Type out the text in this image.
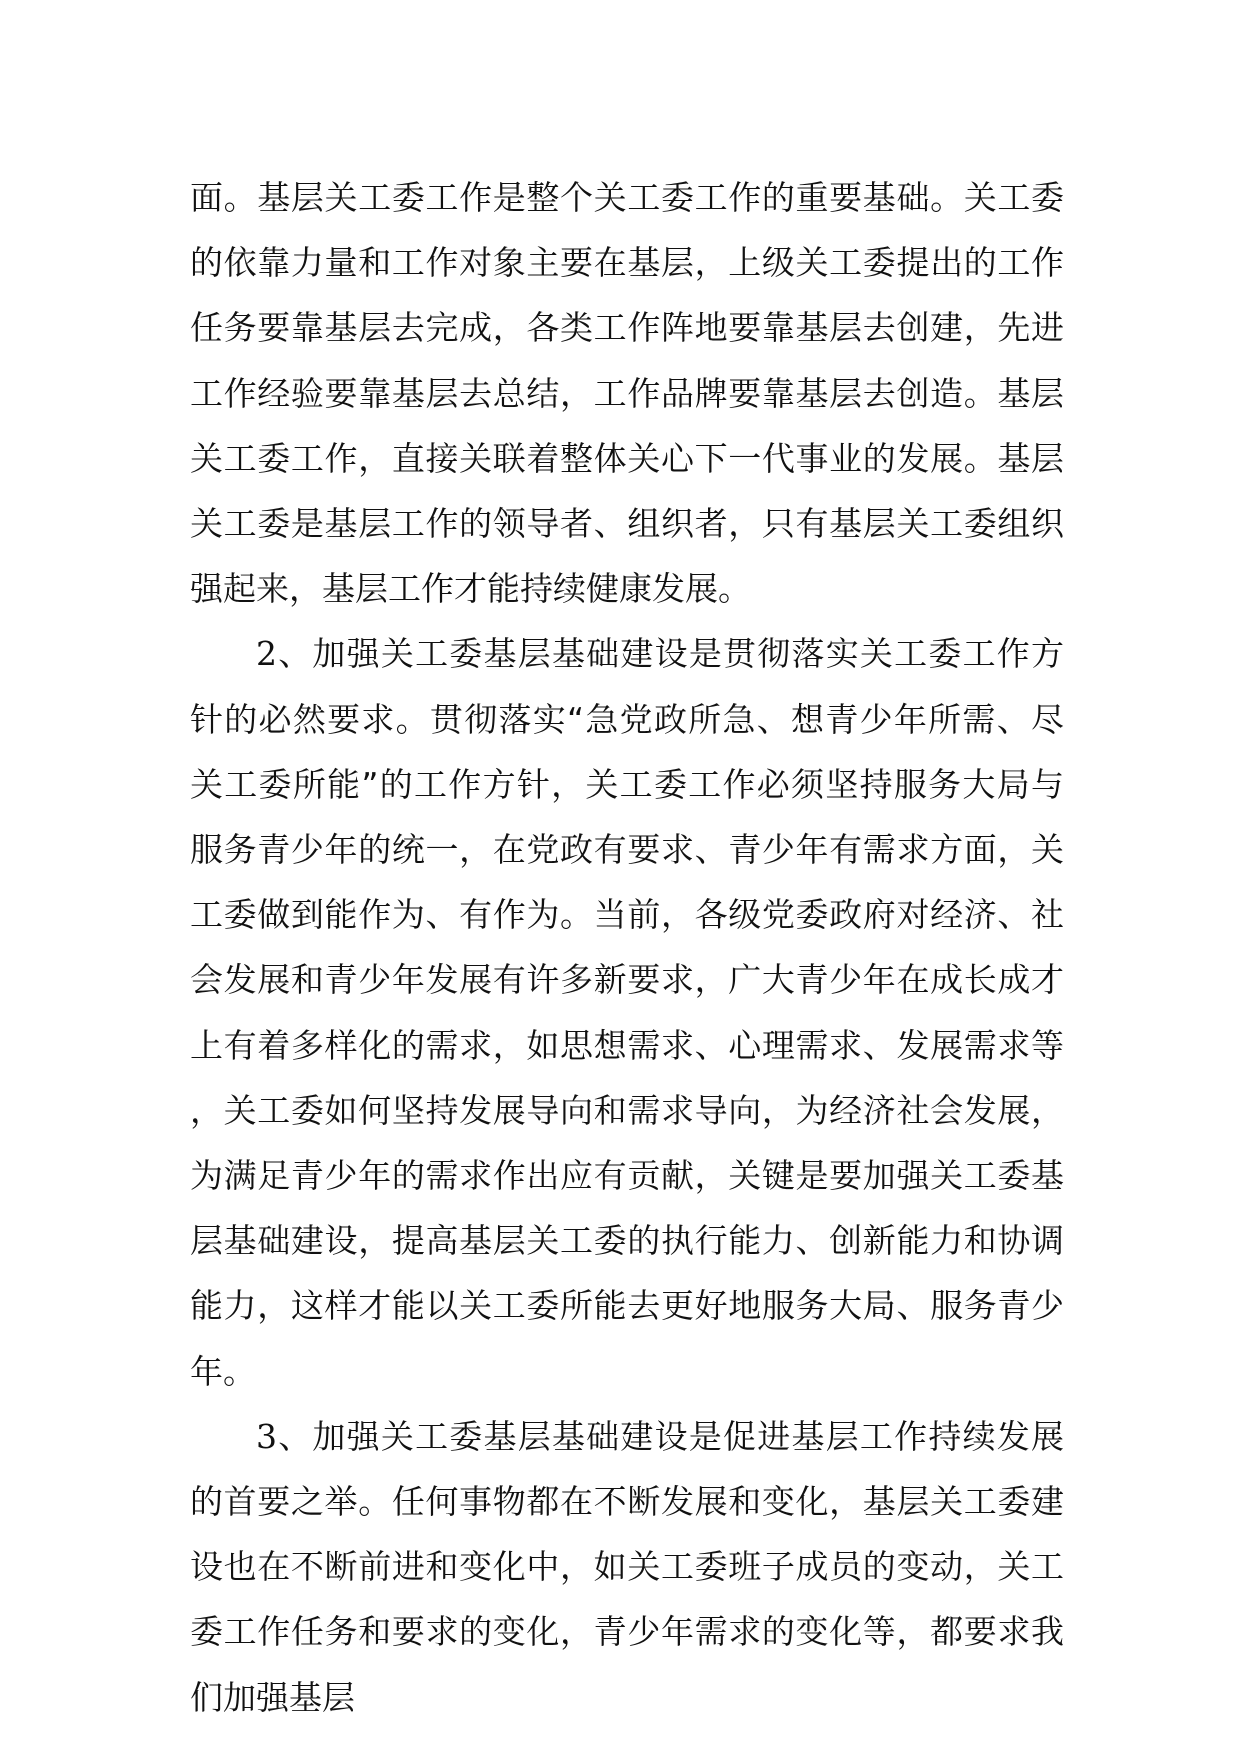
面。基层关工委工作是整个关工委工作的重要基础。关工委的依靠力量和工作对象主要在基层，上级关工委提出的工作任务要靠基层去完成，各类工作阵地要靠基层去创建，先进工作经验要靠基层去总结，工作品牌要靠基层去创造。基层关工委工作，直接关联着整体关心下一代事业的发展。基层关工委是基层工作的领导者、组织者，只有基层关工委组织强起来，基层工作才能持续健康发展。

2、加强关工委基层基础建设是贯彻落实关工委工作方针的必然要求。贯彻落实“急党政所急、想青少年所需、尽关工委所能”的工作方针，关工委工作必须坚持服务大局与服务青少年的统一，在党政有要求、青少年有需求方面，关工委做到能作为、有作为。当前，各级党委政府对经济、社会发展和青少年发展有许多新要求，广大青少年在成长成才上有着多样化的需求，如思想需求、心理需求、发展需求等，关工委如何坚持发展导向和需求导向，为经济社会发展，为满足青少年的需求作出应有贡献，关键是要加强关工委基层基础建设，提高基层关工委的执行能力、创新能力和协调能力，这样才能以关工委所能去更好地服务大局、服务青少年。

3、加强关工委基层基础建设是促进基层工作持续发展的首要之举。任何事物都在不断发展和变化，基层关工委建设也在不断前进和变化中，如关工委班子成员的变动，关工委工作任务和要求的变化，青少年需求的变化等，都要求我们加强基层
